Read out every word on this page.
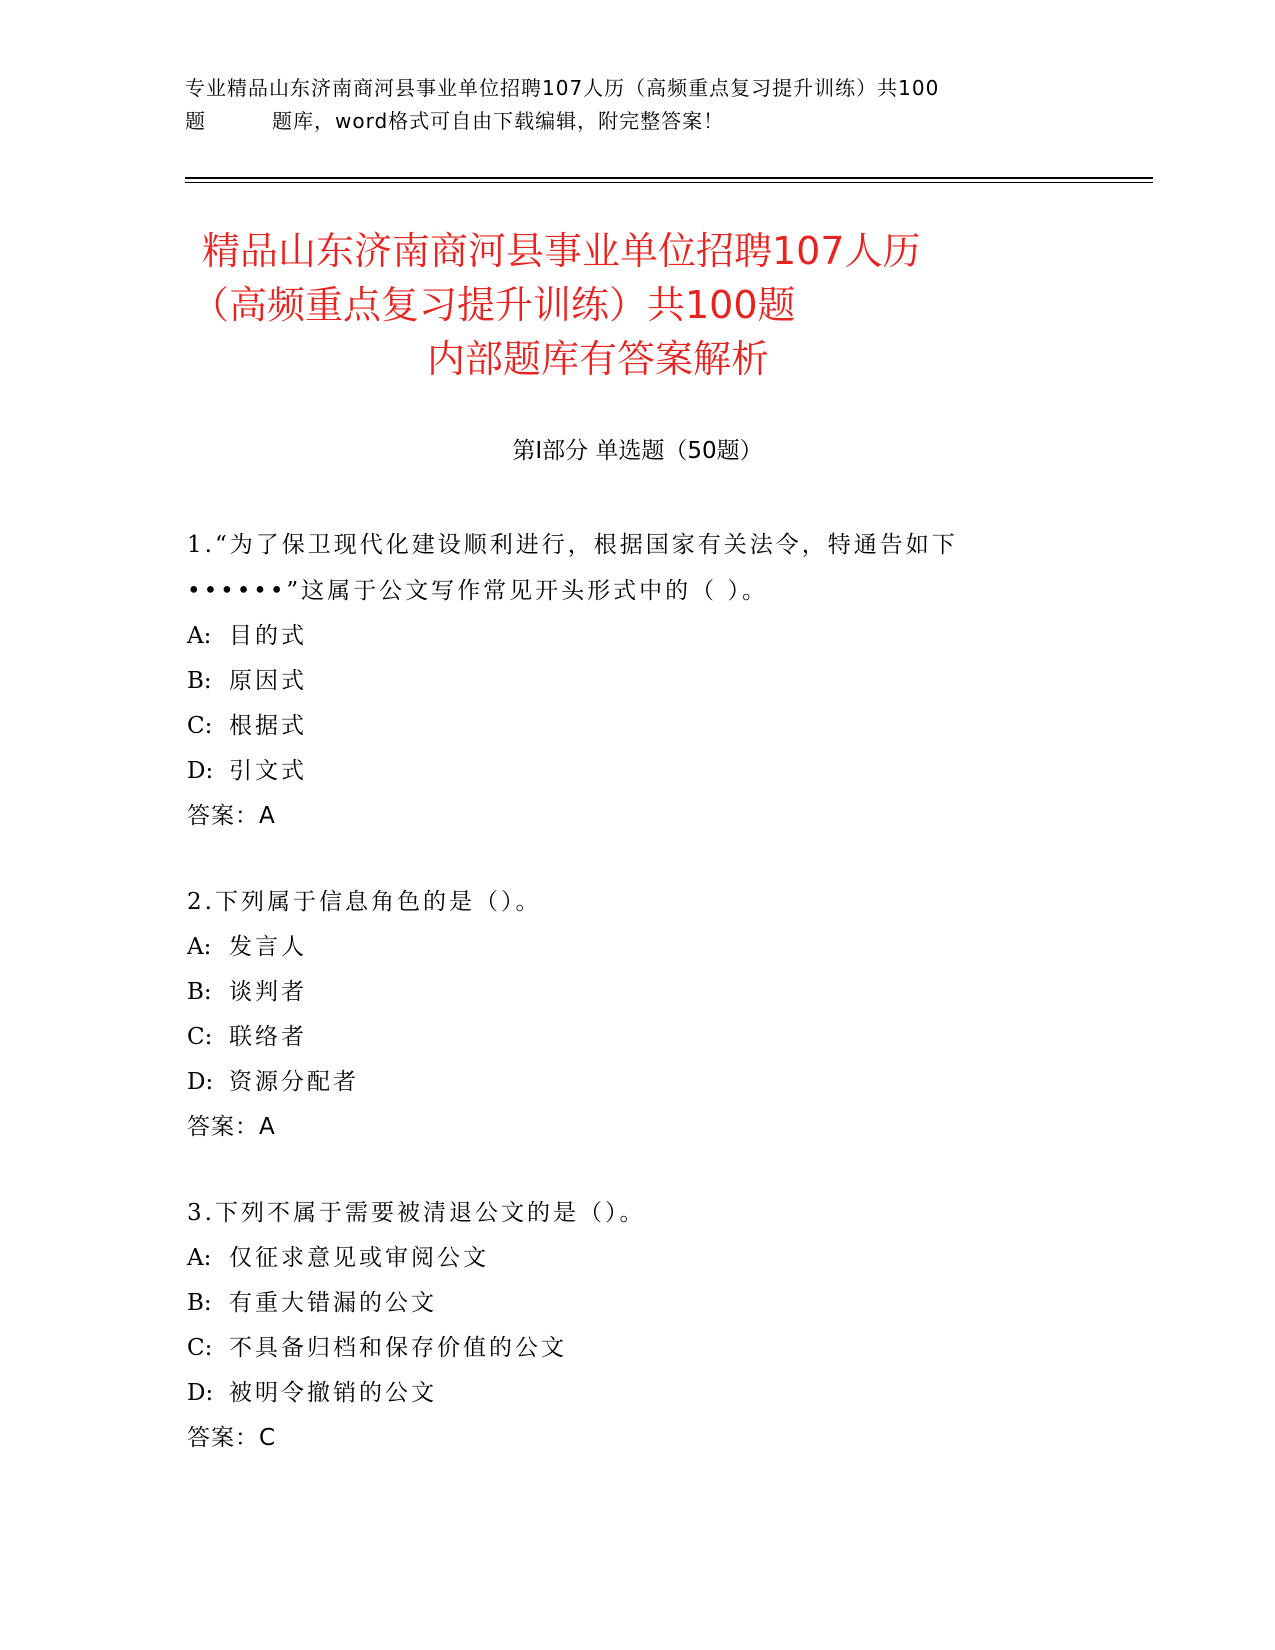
专业精品山东济南商河县事业单位招聘107人历（高频重点复习提升训练）共100
题	题库，word格式可自由下载编辑，附完整答案！
精品山东济南商河县事业单位招聘107人历
（高频重点复习提升训练）共100题
内部题库有答案解析
第Ⅰ部分 单选题（50题）
1.“为了保卫现代化建设顺利进行，根据国家有关法令，特通告如下
••••••”这属于公文写作常见开头形式中的（ ）。
A: 目的式
B: 原因式
C: 根据式
D: 引文式
答案：A
2.下列属于信息角色的是（）。
A: 发言人
B: 谈判者
C: 联络者
D: 资源分配者
答案：A
3.下列不属于需要被清退公文的是（）。
A: 仅征求意见或审阅公文
B: 有重大错漏的公文
C: 不具备归档和保存价值的公文
D: 被明令撤销的公文
答案：C
